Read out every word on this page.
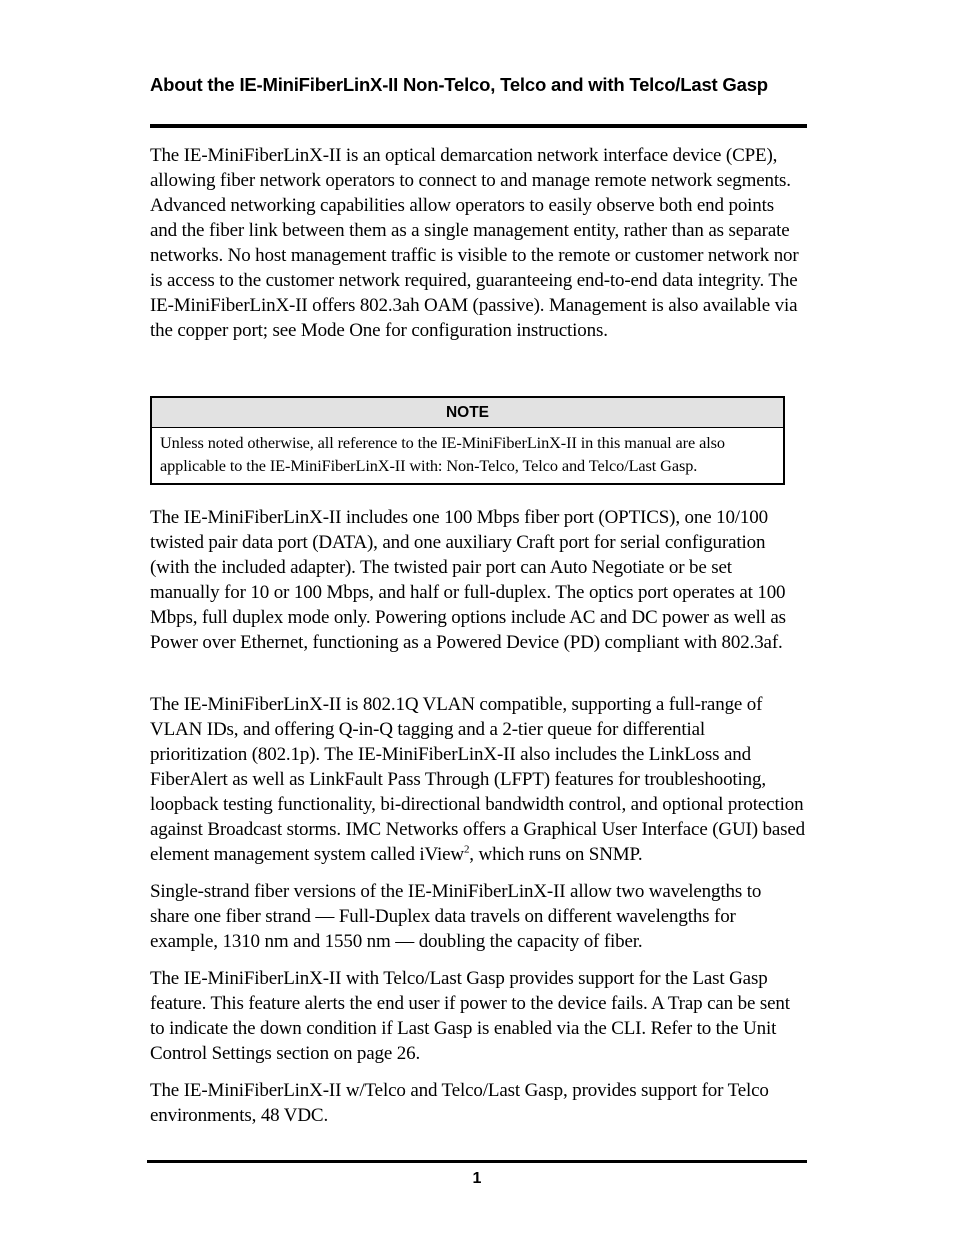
About the IE-MiniFiberLinX-II Non-Telco, Telco and with Telco/Last Gasp

The IE-MiniFiberLinX-II is an optical demarcation network interface device (CPE), allowing fiber network operators to connect to and manage remote network segments. Advanced networking capabilities allow operators to easily observe both end points and the fiber link between them as a single management entity, rather than as separate networks. No host management traffic is visible to the remote or customer network nor is access to the customer network required, guaranteeing end-to-end data integrity. The IE-MiniFiberLinX-II offers 802.3ah OAM (passive). Management is also available via the copper port; see Mode One for configuration instructions.

NOTE
Unless noted otherwise, all reference to the IE-MiniFiberLinX-II in this manual are also applicable to the IE-MiniFiberLinX-II with: Non-Telco, Telco and Telco/Last Gasp.

The IE-MiniFiberLinX-II includes one 100 Mbps fiber port (OPTICS), one 10/100 twisted pair data port (DATA), and one auxiliary Craft port for serial configuration (with the included adapter). The twisted pair port can Auto Negotiate or be set manually for 10 or 100 Mbps, and half or full-duplex. The optics port operates at 100 Mbps, full duplex mode only. Powering options include AC and DC power as well as Power over Ethernet, functioning as a Powered Device (PD) compliant with 802.3af.

The IE-MiniFiberLinX-II is 802.1Q VLAN compatible, supporting a full-range of VLAN IDs, and offering Q-in-Q tagging and a 2-tier queue for differential prioritization (802.1p). The IE-MiniFiberLinX-II also includes the LinkLoss and FiberAlert as well as LinkFault Pass Through (LFPT) features for troubleshooting, loopback testing functionality, bi-directional bandwidth control, and optional protection against Broadcast storms. IMC Networks offers a Graphical User Interface (GUI) based element management system called iView$^2$, which runs on SNMP.

Single-strand fiber versions of the IE-MiniFiberLinX-II allow two wavelengths to share one fiber strand — Full-Duplex data travels on different wavelengths for example, 1310 nm and 1550 nm — doubling the capacity of fiber.

The IE-MiniFiberLinX-II with Telco/Last Gasp provides support for the Last Gasp feature. This feature alerts the end user if power to the device fails. A Trap can be sent to indicate the down condition if Last Gasp is enabled via the CLI. Refer to the Unit Control Settings section on page 26.

The IE-MiniFiberLinX-II w/Telco and Telco/Last Gasp, provides support for Telco environments, 48 VDC.

1
